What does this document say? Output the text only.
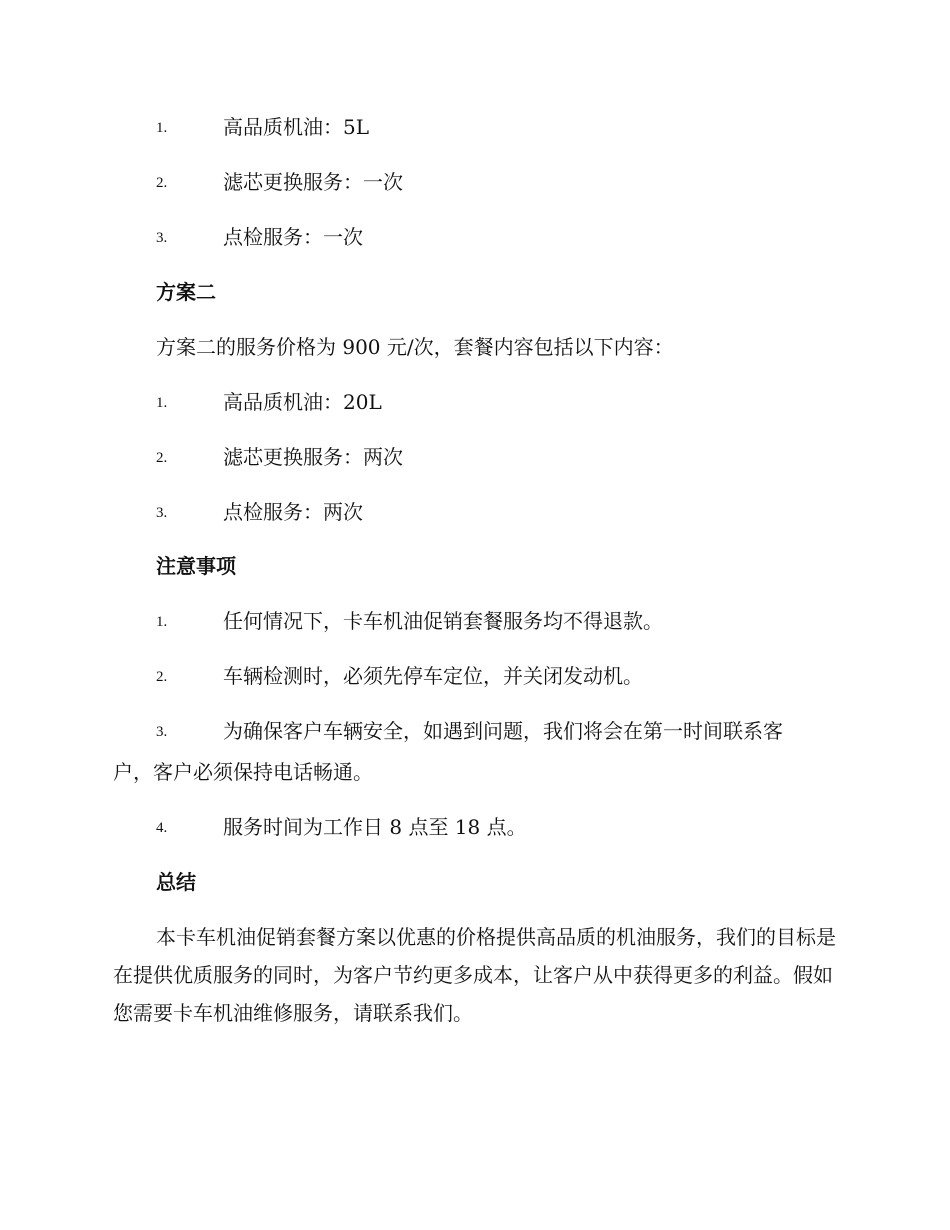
1.	高品质机油：5L
2.	滤芯更换服务：一次
3.	点检服务：一次
方案二
方案二的服务价格为 900 元/次，套餐内容包括以下内容：
1.	高品质机油：20L
2.	滤芯更换服务：两次
3.	点检服务：两次
注意事项
1.	任何情况下，卡车机油促销套餐服务均不得退款。
2.	车辆检测时，必须先停车定位，并关闭发动机。
3.	为确保客户车辆安全，如遇到问题，我们将会在第一时间联系客
户，客户必须保持电话畅通。
4.	服务时间为工作日 8 点至 18 点。
总结
本卡车机油促销套餐方案以优惠的价格提供高品质的机油服务，我们的目标是在提供优质服务的同时，为客户节约更多成本，让客户从中获得更多的利益。假如您需要卡车机油维修服务，请联系我们。
